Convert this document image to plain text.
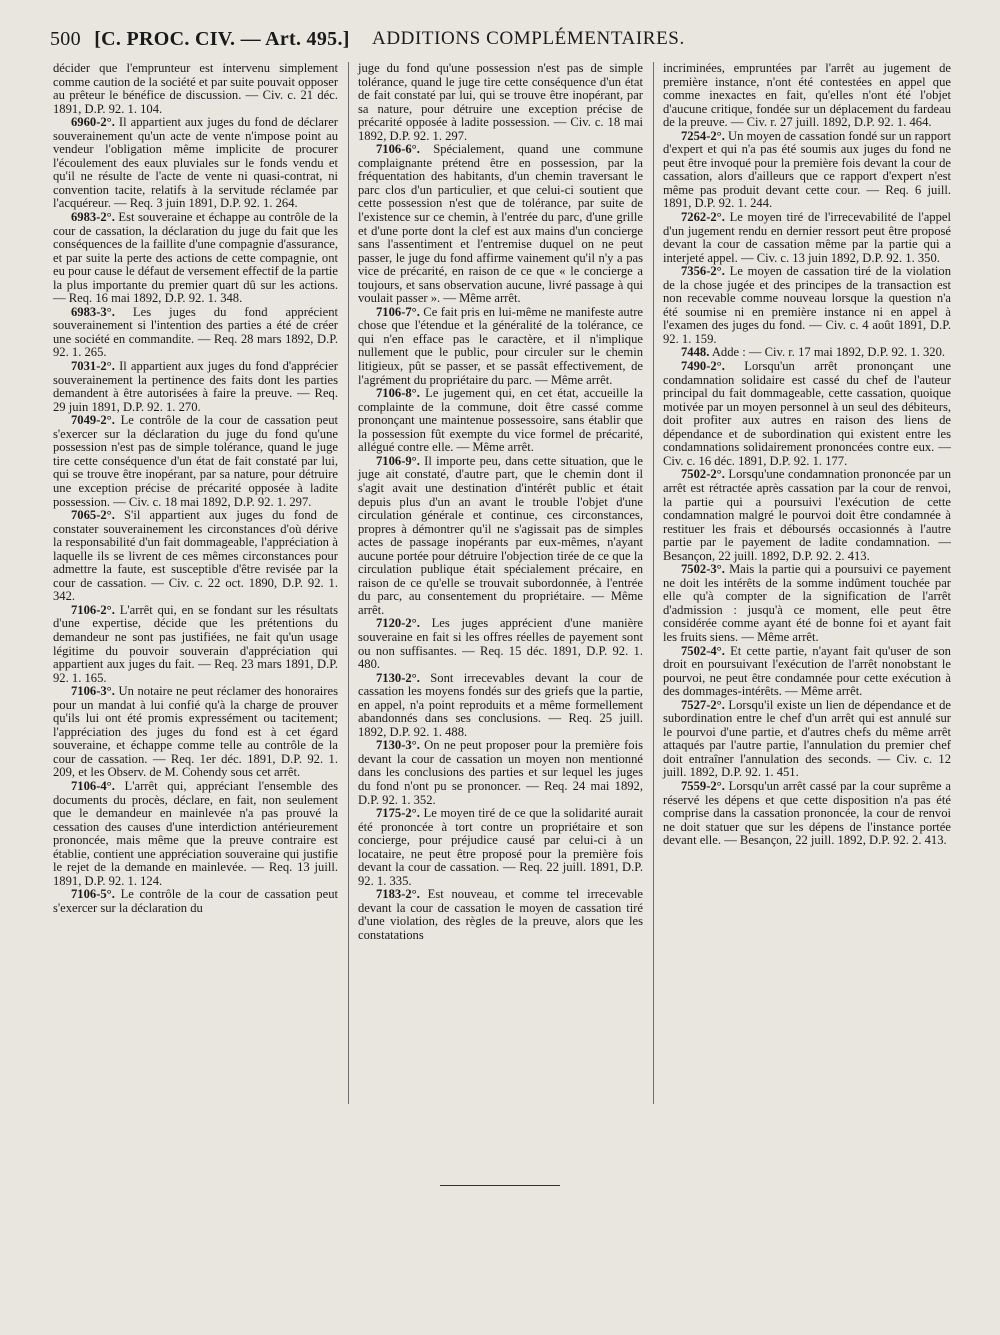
500 [C. PROC. CIV. — Art. 495.] ADDITIONS COMPLÉMENTAIRES.

décider que l'emprunteur est intervenu simplement comme caution de la société et par suite pouvait opposer au prêteur le bénéfice de discussion. — Civ. c. 21 déc. 1891, D.P. 92. 1. 104.

6960-2°. Il appartient aux juges du fond de déclarer souverainement qu'un acte de vente n'impose point au vendeur l'obligation même implicite de procurer l'écoulement des eaux pluviales sur le fonds vendu et qu'il ne résulte de l'acte de vente ni quasi-contrat, ni convention tacite, relatifs à la servitude réclamée par l'acquéreur. — Req. 3 juin 1891, D.P. 92. 1. 264.

6983-2°. Est souveraine et échappe au contrôle de la cour de cassation, la déclaration du juge du fait que les conséquences de la faillite d'une compagnie d'assurance, et par suite la perte des actions de cette compagnie, ont eu pour cause le défaut de versement effectif de la partie la plus importante du premier quart dû sur les actions. — Req. 16 mai 1892, D.P. 92. 1. 348.

6983-3°. Les juges du fond apprécient souverainement si l'intention des parties a été de créer une société en commandite. — Req. 28 mars 1892, D.P. 92. 1. 265.

7031-2°. Il appartient aux juges du fond d'apprécier souverainement la pertinence des faits dont les parties demandent à être autorisées à faire la preuve. — Req. 29 juin 1891, D.P. 92. 1. 270.

7049-2°. Le contrôle de la cour de cassation peut s'exercer sur la déclaration du juge du fond qu'une possession n'est pas de simple tolérance, quand le juge tire cette conséquence d'un état de fait constaté par lui, qui se trouve être inopérant, par sa nature, pour détruire une exception précise de précarité opposée à ladite possession. — Civ. c. 18 mai 1892, D.P. 92. 1. 297.

7065-2°. S'il appartient aux juges du fond de constater souverainement les circonstances d'où dérive la responsabilité d'un fait dommageable, l'appréciation à laquelle ils se livrent de ces mêmes circonstances pour admettre la faute, est susceptible d'être revisée par la cour de cassation. — Civ. c. 22 oct. 1890, D.P. 92. 1. 342.

7106-2°. L'arrêt qui, en se fondant sur les résultats d'une expertise, décide que les prétentions du demandeur ne sont pas justifiées, ne fait qu'un usage légitime du pouvoir souverain d'appréciation qui appartient aux juges du fait. — Req. 23 mars 1891, D.P. 92. 1. 165.

7106-3°. Un notaire ne peut réclamer des honoraires pour un mandat à lui confié qu'à la charge de prouver qu'ils lui ont été promis expressément ou tacitement; l'appréciation des juges du fond est à cet égard souveraine, et échappe comme telle au contrôle de la cour de cassation. — Req. 1er déc. 1891, D.P. 92. 1. 209, et les Observ. de M. Cohendy sous cet arrêt.

7106-4°. L'arrêt qui, appréciant l'ensemble des documents du procès, déclare, en fait, non seulement que le demandeur en mainlevée n'a pas prouvé la cessation des causes d'une interdiction antérieurement prononcée, mais même que la preuve contraire est établie, contient une appréciation souveraine qui justifie le rejet de la demande en mainlevée. — Req. 13 juill. 1891, D.P. 92. 1. 124.

7106-5°. Le contrôle de la cour de cassation peut s'exercer sur la déclaration du

juge du fond qu'une possession n'est pas de simple tolérance, quand le juge tire cette conséquence d'un état de fait constaté par lui, qui se trouve être inopérant, par sa nature, pour détruire une exception précise de précarité opposée à ladite possession. — Civ. c. 18 mai 1892, D.P. 92. 1. 297.

7106-6°. Spécialement, quand une commune complaignante prétend être en possession, par la fréquentation des habitants, d'un chemin traversant le parc clos d'un particulier, et que celui-ci soutient que cette possession n'est que de tolérance, par suite de l'existence sur ce chemin, à l'entrée du parc, d'une grille et d'une porte dont la clef est aux mains d'un concierge sans l'assentiment et l'entremise duquel on ne peut passer, le juge du fond affirme vainement qu'il n'y a pas vice de précarité, en raison de ce que « le concierge a toujours, et sans observation aucune, livré passage à qui voulait passer ». — Même arrêt.

7106-7°. Ce fait pris en lui-même ne manifeste autre chose que l'étendue et la généralité de la tolérance, ce qui n'en efface pas le caractère, et il n'implique nullement que le public, pour circuler sur le chemin litigieux, pût se passer, et se passât effectivement, de l'agrément du propriétaire du parc. — Même arrêt.

7106-8°. Le jugement qui, en cet état, accueille la complainte de la commune, doit être cassé comme prononçant une maintenue possessoire, sans établir que la possession fût exempte du vice formel de précarité, allégué contre elle. — Même arrêt.

7106-9°. Il importe peu, dans cette situation, que le juge ait constaté, d'autre part, que le chemin dont il s'agit avait une destination d'intérêt public et était depuis plus d'un an avant le trouble l'objet d'une circulation générale et continue, ces circonstances, propres à démontrer qu'il ne s'agissait pas de simples actes de passage inopérants par eux-mêmes, n'ayant aucune portée pour détruire l'objection tirée de ce que la circulation publique était spécialement précaire, en raison de ce qu'elle se trouvait subordonnée, à l'entrée du parc, au consentement du propriétaire. — Même arrêt.

7120-2°. Les juges apprécient d'une manière souveraine en fait si les offres réelles de payement sont ou non suffisantes. — Req. 15 déc. 1891, D.P. 92. 1. 480.

7130-2°. Sont irrecevables devant la cour de cassation les moyens fondés sur des griefs que la partie, en appel, n'a point reproduits et a même formellement abandonnés dans ses conclusions. — Req. 25 juill. 1892, D.P. 92. 1. 488.

7130-3°. On ne peut proposer pour la première fois devant la cour de cassation un moyen non mentionné dans les conclusions des parties et sur lequel les juges du fond n'ont pu se prononcer. — Req. 24 mai 1892, D.P. 92. 1. 352.

7175-2°. Le moyen tiré de ce que la solidarité aurait été prononcée à tort contre un propriétaire et son concierge, pour préjudice causé par celui-ci à un locataire, ne peut être proposé pour la première fois devant la cour de cassation. — Req. 22 juill. 1891, D.P. 92. 1. 335.

7183-2°. Est nouveau, et comme tel irrecevable devant la cour de cassation le moyen de cassation tiré d'une violation, des règles de la preuve, alors que les constatations

incriminées, empruntées par l'arrêt au jugement de première instance, n'ont été contestées en appel que comme inexactes en fait, qu'elles n'ont été l'objet d'aucune critique, fondée sur un déplacement du fardeau de la preuve. — Civ. r. 27 juill. 1892, D.P. 92. 1. 464.

7254-2°. Un moyen de cassation fondé sur un rapport d'expert et qui n'a pas été soumis aux juges du fond ne peut être invoqué pour la première fois devant la cour de cassation, alors d'ailleurs que ce rapport d'expert n'est même pas produit devant cette cour. — Req. 6 juill. 1891, D.P. 92. 1. 244.

7262-2°. Le moyen tiré de l'irrecevabilité de l'appel d'un jugement rendu en dernier ressort peut être proposé devant la cour de cassation même par la partie qui a interjeté appel. — Civ. c. 13 juin 1892, D.P. 92. 1. 350.

7356-2°. Le moyen de cassation tiré de la violation de la chose jugée et des principes de la transaction est non recevable comme nouveau lorsque la question n'a été soumise ni en première instance ni en appel à l'examen des juges du fond. — Civ. c. 4 août 1891, D.P. 92. 1. 159.

7448. Adde : — Civ. r. 17 mai 1892, D.P. 92. 1. 320.

7490-2°. Lorsqu'un arrêt prononçant une condamnation solidaire est cassé du chef de l'auteur principal du fait dommageable, cette cassation, quoique motivée par un moyen personnel à un seul des débiteurs, doit profiter aux autres en raison des liens de dépendance et de subordination qui existent entre les condamnations solidairement prononcées contre eux. — Civ. c. 16 déc. 1891, D.P. 92. 1. 177.

7502-2°. Lorsqu'une condamnation prononcée par un arrêt est rétractée après cassation par la cour de renvoi, la partie qui a poursuivi l'exécution de cette condamnation malgré le pourvoi doit être condamnée à restituer les frais et déboursés occasionnés à l'autre partie par le payement de ladite condamnation. — Besançon, 22 juill. 1892, D.P. 92. 2. 413.

7502-3°. Mais la partie qui a poursuivi ce payement ne doit les intérêts de la somme indûment touchée par elle qu'à compter de la signification de l'arrêt d'admission : jusqu'à ce moment, elle peut être considérée comme ayant été de bonne foi et ayant fait les fruits siens. — Même arrêt.

7502-4°. Et cette partie, n'ayant fait qu'user de son droit en poursuivant l'exécution de l'arrêt nonobstant le pourvoi, ne peut être condamnée pour cette exécution à des dommages-intérêts. — Même arrêt.

7527-2°. Lorsqu'il existe un lien de dépendance et de subordination entre le chef d'un arrêt qui est annulé sur le pourvoi d'une partie, et d'autres chefs du même arrêt attaqués par l'autre partie, l'annulation du premier chef doit entraîner l'annulation des seconds. — Civ. c. 12 juill. 1892, D.P. 92. 1. 451.

7559-2°. Lorsqu'un arrêt cassé par la cour suprême a réservé les dépens et que cette disposition n'a pas été comprise dans la cassation prononcée, la cour de renvoi ne doit statuer que sur les dépens de l'instance portée devant elle. — Besançon, 22 juill. 1892, D.P. 92. 2. 413.
